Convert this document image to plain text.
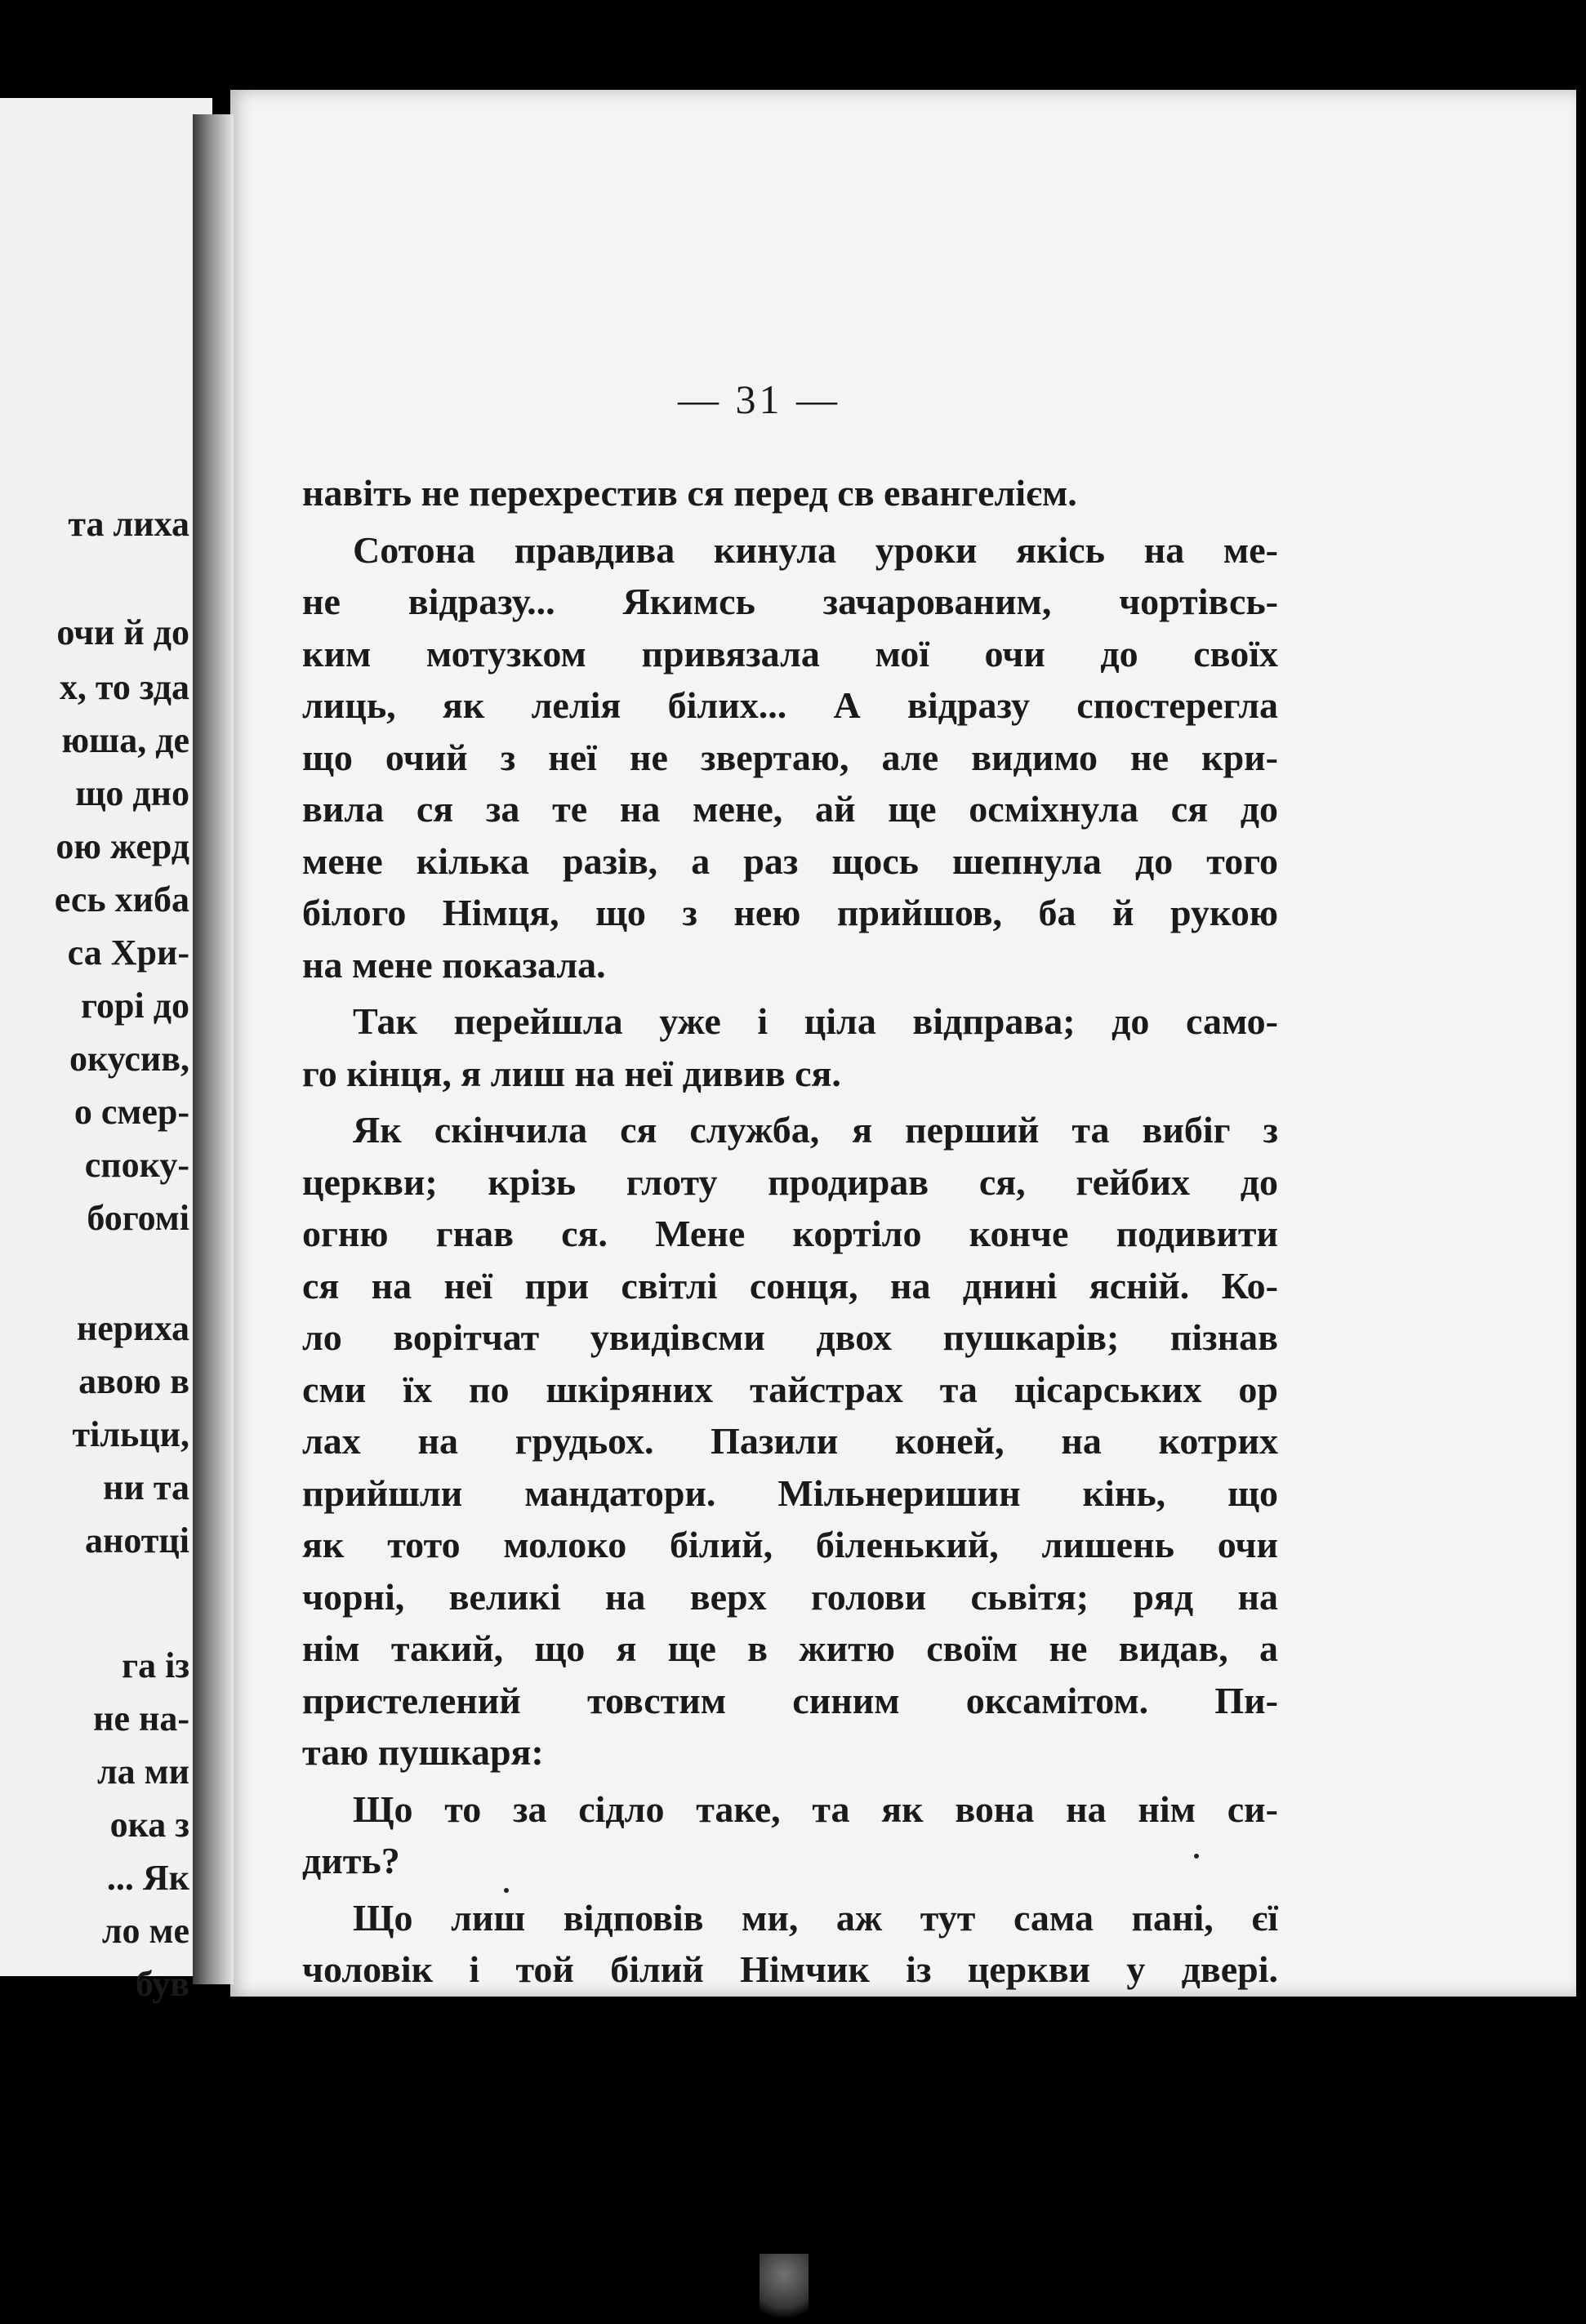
та лиха
очи й до
х, то зда
юша, де
що дно
ою жерд
есь хиба
са Хри-
горі до
окусив,
о смер-
споку-
богомі
нериха
авою в
тільци,
ни та
анотці
га із
не на-
ла ми
ока з
... Як
ло ме
був
— 31 —
навіть не перехрестив ся перед св евангелієм.
Сотона правдива кинула уроки якісь на ме-
не відразу... Якимсь зачарованим, чортівсь-
ким мотузком привязала мої очи до своїх
лиць, як лелія білих... А відразу спостерегла
що очий з неї не звертаю, але видимо не кри-
вила ся за те на мене, ай ще осміхнула ся до
мене кілька разів, а раз щось шепнула до того
білого Німця, що з нею прийшов, ба й рукою
на мене показала.
Так перейшла уже і ціла відправа; до само-
го кінця, я лиш на неї дивив ся.
Як скінчила ся служба, я перший та вибіг з
церкви; крізь глоту продирав ся, гейбих до
огню гнав ся. Мене кортіло конче подивити
ся на неї при світлі сонця, на днині ясній. Ко-
ло ворітчат увидівсми двох пушкарів; пізнав
сми їх по шкіряних тайстрах та цісарських ор
лах на грудьох. Пазили коней, на котрих
прийшли мандатори. Мільнеришин кінь, що
як тото молоко білий, біленький, лишень очи
чорні, великі на верх голови сьвітя; ряд на
нім такий, що я ще в житю своїм не видав, а
пристелений товстим синим оксамітом. Пи-
таю пушкаря:
Що то за сідло таке, та як вона на нім си-
дить?
Що лиш відповів ми, аж тут сама пані, єї
чоловік і той білий Німчик із церкви у двері.
